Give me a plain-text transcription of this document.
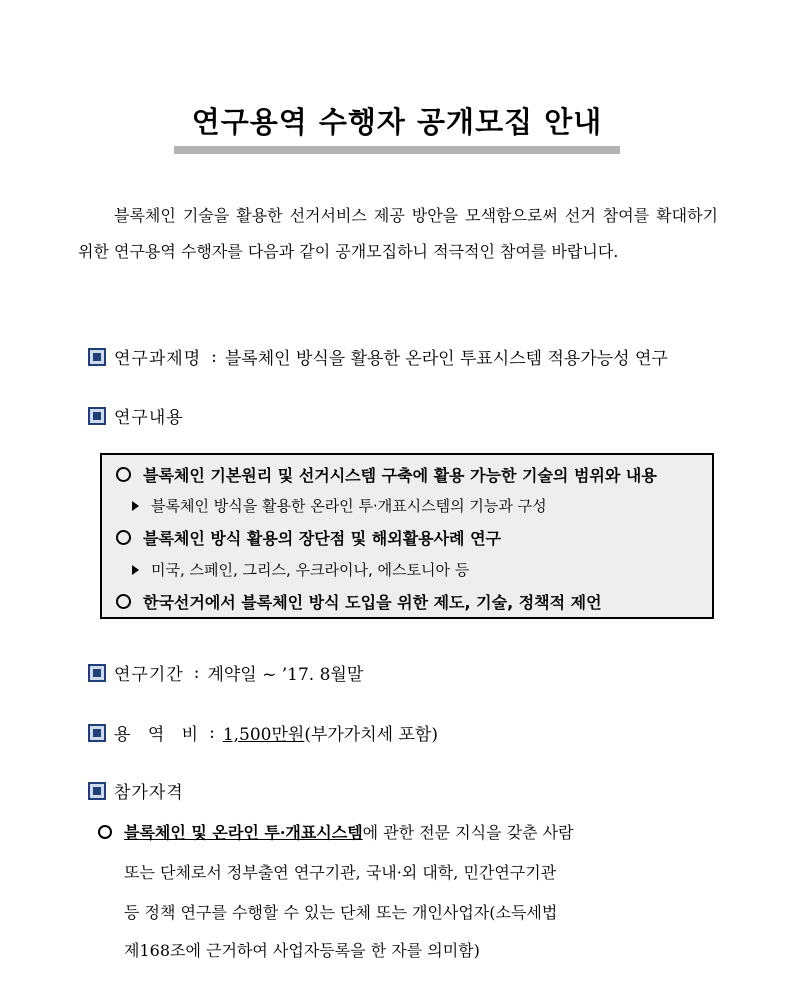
연구용역 수행자 공개모집 안내
블록체인 기술을 활용한 선거서비스 제공 방안을 모색함으로써 선거 참여를 확대하기 위한 연구용역 수행자를 다음과 같이 공개모집하니 적극적인 참여를 바랍니다.
연구과제명 : 블록체인 방식을 활용한 온라인 투표시스템 적용가능성 연구
연구내용
블록체인 기본원리 및 선거시스템 구축에 활용 가능한 기술의 범위와 내용
블록체인 방식을 활용한 온라인 투·개표시스템의 기능과 구성
블록체인 방식 활용의 장단점 및 해외활용사례 연구
미국, 스페인, 그리스, 우크라이나, 에스토니아 등
한국선거에서 블록체인 방식 도입을 위한 제도, 기술, 정책적 제언
연구기간 : 계약일 ~ ’17. 8월말
용 역 비 : 1,500만원 (부가가치세 포함)
참가자격
블록체인 및 온라인 투·개표시스템에 관한 전문 지식을 갖춘 사람
또는 단체로서 정부출연 연구기관, 국내·외 대학, 민간연구기관
등 정책 연구를 수행할 수 있는 단체 또는 개인사업자(소득세법
제168조에 근거하여 사업자등록을 한 자를 의미함)
